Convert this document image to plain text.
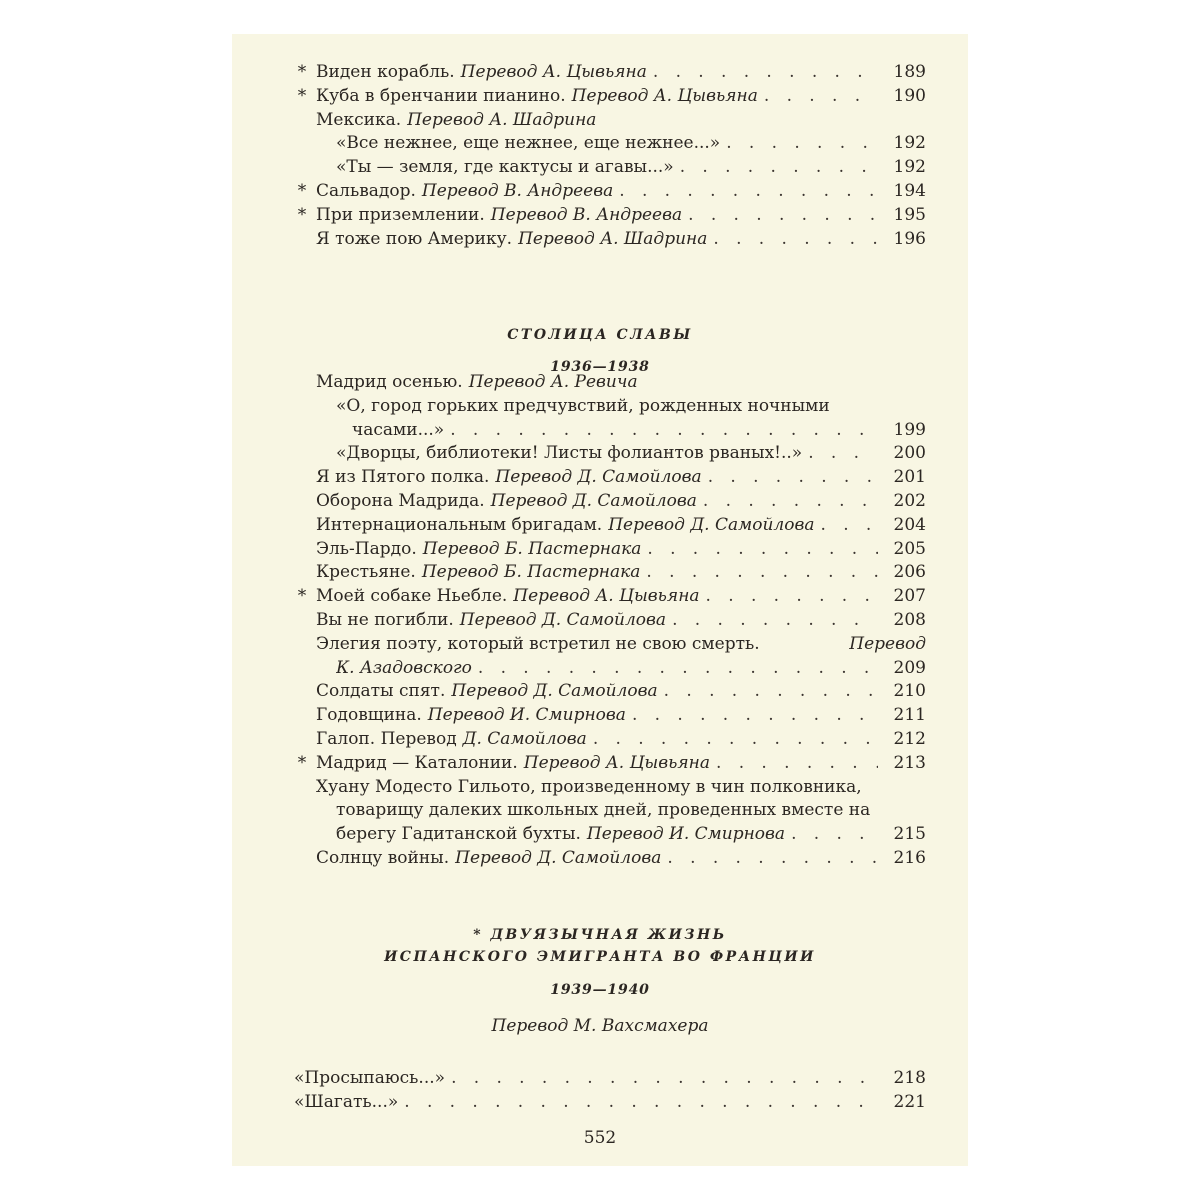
СТОЛИЦА СЛАВЫ
1936—1938
* ДВУЯЗЫЧНАЯ ЖИЗНЬ
ИСПАНСКОГО ЭМИГРАНТА ВО ФРАНЦИИ
1939—1940
Перевод М. Вахсмахера
* Виден корабль. Перевод А. Цывьяна . . .	189
* Куба в бренчании пианино. Перевод А. Цывьяна . . .	190
Мексика. Перевод А. Шадрина
«Все нежнее, еще нежнее, еще нежнее...» . . .	192
«Ты — земля, где кактусы и агавы...» . . .	192
* Сальвадор. Перевод В. Андреева . . .	194
* При приземлении. Перевод В. Андреева . . .	195
Я тоже пою Америку. Перевод А. Шадрина . . .	196
Мадрид осенью. Перевод А. Ревича
«О, город горьких предчувствий, рожденных ночными
часами...» . . .	199
«Дворцы, библиотеки! Листы фолиантов рваных!..» . . .	200
Я из Пятого полка. Перевод Д. Самойлова . . .	201
Оборона Мадрида. Перевод Д. Самойлова . . .	202
Интернациональным бригадам. Перевод Д. Самойлова . . .	204
Эль-Пардо. Перевод Б. Пастернака . . .	205
Крестьяне. Перевод Б. Пастернака . . .	206
* Моей собаке Ньебле. Перевод А. Цывьяна . . .	207
Вы не погибли. Перевод Д. Самойлова . . .	208
Элегия поэту, который встретил не свою смерть.	Перевод
К. Азадовского . . .	209
Солдаты спят. Перевод Д. Самойлова . . .	210
Годовщина. Перевод И. Смирнова . . .	211
Галоп. Перевод Д. Самойлова . . .	212
* Мадрид — Каталонии. Перевод А. Цывьяна . . .	213
Хуану Модесто Гильото, произведенному в чин полковника,
товарищу далеких школьных дней, проведенных вместе на
берегу Гадитанской бухты. Перевод И. Смирнова . . .	215
Солнцу войны. Перевод Д. Самойлова . . .	216
«Просыпаюсь...» . . .	218
«Шагать...» . . .	221
552
